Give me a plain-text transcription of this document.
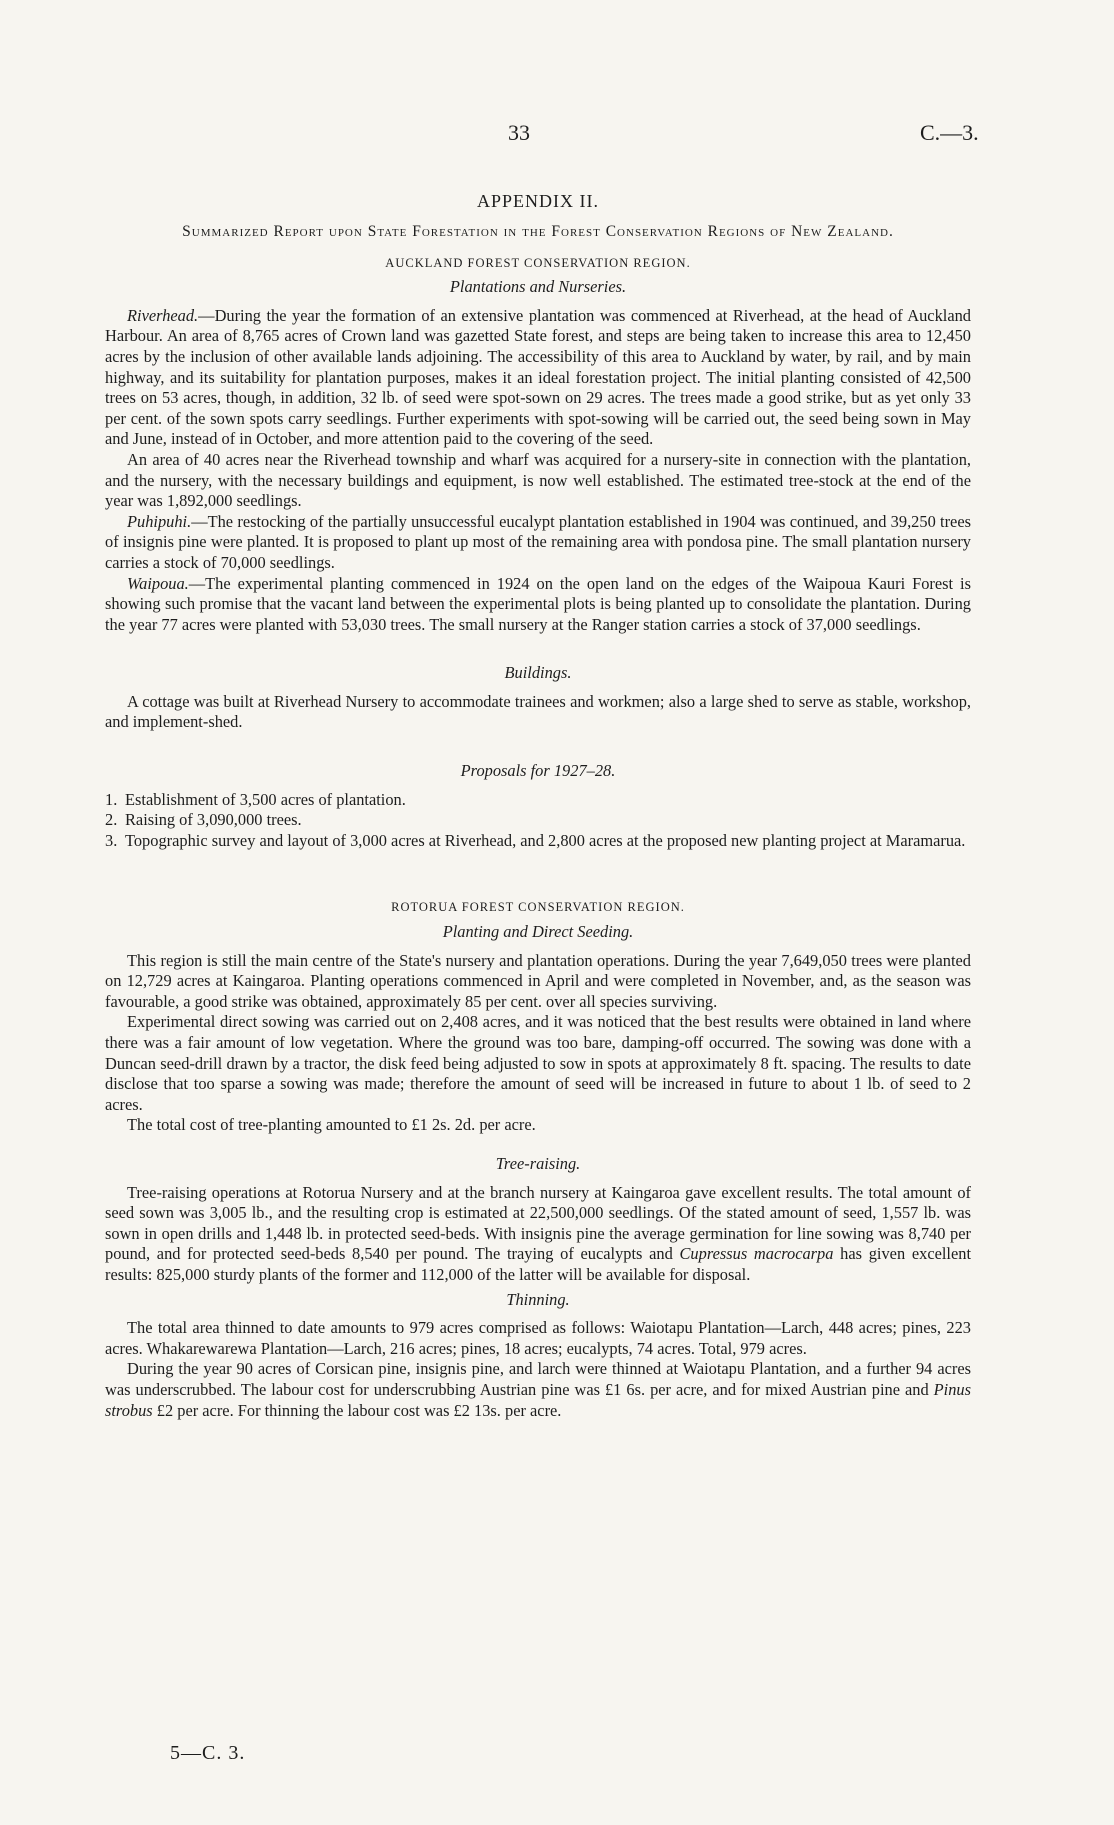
33	C.—3.
APPENDIX II.
Summarized Report upon State Forestation in the Forest Conservation Regions of New Zealand.
AUCKLAND FOREST CONSERVATION REGION.
Plantations and Nurseries.

Riverhead.—During the year the formation of an extensive plantation was commenced at Riverhead, at the head of Auckland Harbour. An area of 8,765 acres of Crown land was gazetted State forest, and steps are being taken to increase this area to 12,450 acres by the inclusion of other available lands adjoining. The accessibility of this area to Auckland by water, by rail, and by main highway, and its suitability for plantation purposes, makes it an ideal forestation project. The initial planting consisted of 42,500 trees on 53 acres, though, in addition, 32 lb. of seed were spot-sown on 29 acres. The trees made a good strike, but as yet only 33 per cent. of the sown spots carry seedlings. Further experiments with spot-sowing will be carried out, the seed being sown in May and June, instead of in October, and more attention paid to the covering of the seed.

An area of 40 acres near the Riverhead township and wharf was acquired for a nursery-site in connection with the plantation, and the nursery, with the necessary buildings and equipment, is now well established. The estimated tree-stock at the end of the year was 1,892,000 seedlings.

Puhipuhi.—The restocking of the partially unsuccessful eucalypt plantation established in 1904 was continued, and 39,250 trees of insignis pine were planted. It is proposed to plant up most of the remaining area with pondosa pine. The small plantation nursery carries a stock of 70,000 seedlings.

Waipoua.—The experimental planting commenced in 1924 on the open land on the edges of the Waipoua Kauri Forest is showing such promise that the vacant land between the experimental plots is being planted up to consolidate the plantation. During the year 77 acres were planted with 53,030 trees. The small nursery at the Ranger station carries a stock of 37,000 seedlings.

Buildings.

A cottage was built at Riverhead Nursery to accommodate trainees and workmen; also a large shed to serve as stable, workshop, and implement-shed.

Proposals for 1927–28.
1. Establishment of 3,500 acres of plantation.
2. Raising of 3,090,000 trees.
3. Topographic survey and layout of 3,000 acres at Riverhead, and 2,800 acres at the proposed new planting project at Maramarua.
ROTORUA FOREST CONSERVATION REGION.
Planting and Direct Seeding.

This region is still the main centre of the State's nursery and plantation operations. During the year 7,649,050 trees were planted on 12,729 acres at Kaingaroa. Planting operations commenced in April and were completed in November, and, as the season was favourable, a good strike was obtained, approximately 85 per cent. over all species surviving.

Experimental direct sowing was carried out on 2,408 acres, and it was noticed that the best results were obtained in land where there was a fair amount of low vegetation. Where the ground was too bare, damping-off occurred. The sowing was done with a Duncan seed-drill drawn by a tractor, the disk feed being adjusted to sow in spots at approximately 8 ft. spacing. The results to date disclose that too sparse a sowing was made; therefore the amount of seed will be increased in future to about 1 lb. of seed to 2 acres.

The total cost of tree-planting amounted to £1 2s. 2d. per acre.

Tree-raising.

Tree-raising operations at Rotorua Nursery and at the branch nursery at Kaingaroa gave excellent results. The total amount of seed sown was 3,005 lb., and the resulting crop is estimated at 22,500,000 seedlings. Of the stated amount of seed, 1,557 lb. was sown in open drills and 1,448 lb. in protected seed-beds. With insignis pine the average germination for line sowing was 8,740 per pound, and for protected seed-beds 8,540 per pound. The traying of eucalypts and Cupressus macrocarpa has given excellent results: 825,000 sturdy plants of the former and 112,000 of the latter will be available for disposal.

Thinning.

The total area thinned to date amounts to 979 acres comprised as follows: Waiotapu Plantation—Larch, 448 acres; pines, 223 acres. Whakarewarewa Plantation—Larch, 216 acres; pines, 18 acres; eucalypts, 74 acres. Total, 979 acres.

During the year 90 acres of Corsican pine, insignis pine, and larch were thinned at Waiotapu Plantation, and a further 94 acres was underscrubbed. The labour cost for underscrubbing Austrian pine was £1 6s. per acre, and for mixed Austrian pine and Pinus strobus £2 per acre. For thinning the labour cost was £2 13s. per acre.

5—C. 3.
